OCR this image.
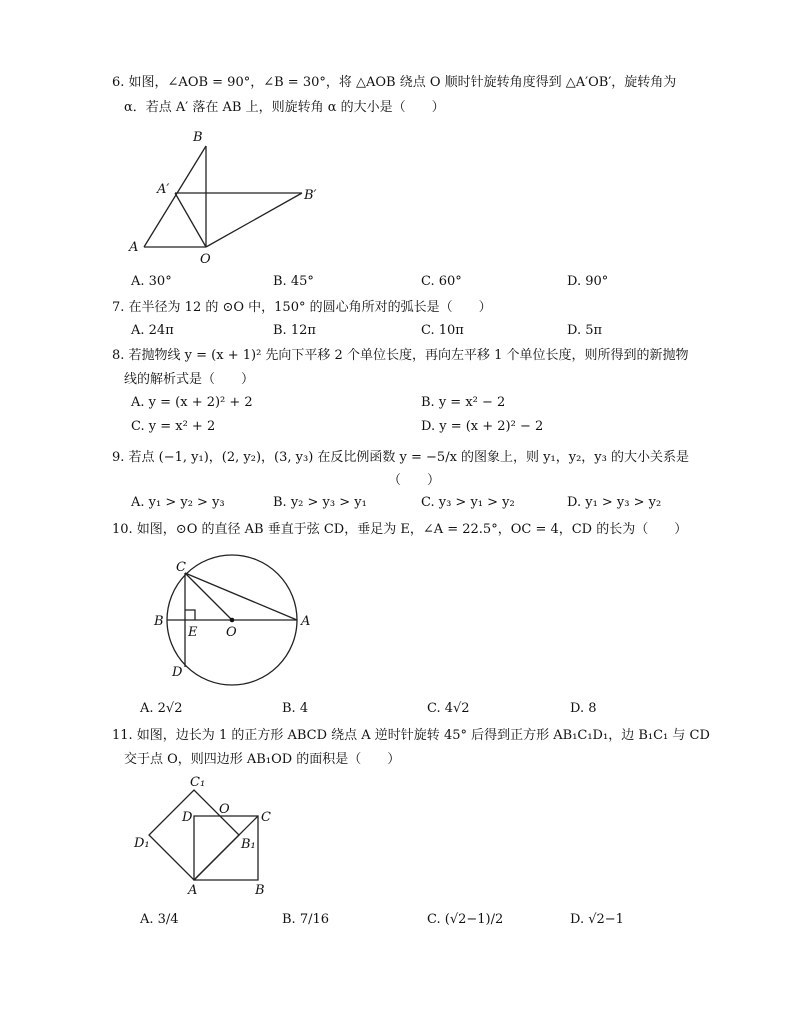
6. 如图，∠AOB = 90°，∠B = 30°，将 △AOB 绕点 O 顺时针旋转角度得到 △A′OB′，旋转角为
α．若点 A′ 落在 AB 上，则旋转角 α 的大小是（　　）
B
A′	B′
A
O
A. 30°	B. 45°	C. 60°	D. 90°
7. 在半径为 12 的 ⊙O 中，150° 的圆心角所对的弧长是（　　）
A. 24π	B. 12π	C. 10π	D. 5π
8. 若抛物线 y = (x + 1)² 先向下平移 2 个单位长度，再向左平移 1 个单位长度，则所得到的新抛物
线的解析式是（　　）
A. y = (x + 2)² + 2	B. y = x² − 2
C. y = x² + 2	D. y = (x + 2)² − 2
9. 若点 (−1, y₁)，(2, y₂)，(3, y₃) 在反比例函数 y = −5/x 的图象上，则 y₁，y₂，y₃ 的大小关系是
（　　）
A. y₁ > y₂ > y₃	B. y₂ > y₃ > y₁	C. y₃ > y₁ > y₂	D. y₁ > y₃ > y₂
10. 如图，⊙O 的直径 AB 垂直于弦 CD，垂足为 E，∠A = 22.5°，OC = 4，CD 的长为（　　）
C
B
E O
A
D
A. 2√2	B. 4	C. 4√2	D. 8
11. 如图，边长为 1 的正方形 ABCD 绕点 A 逆时针旋转 45° 后得到正方形 AB₁C₁D₁，边 B₁C₁ 与 CD
交于点 O，则四边形 AB₁OD 的面积是（　　）
C₁
O
D	C
D₁	B₁
A	B
A. 3/4	B. 7/16	C. (√2−1)/2	D. √2−1
